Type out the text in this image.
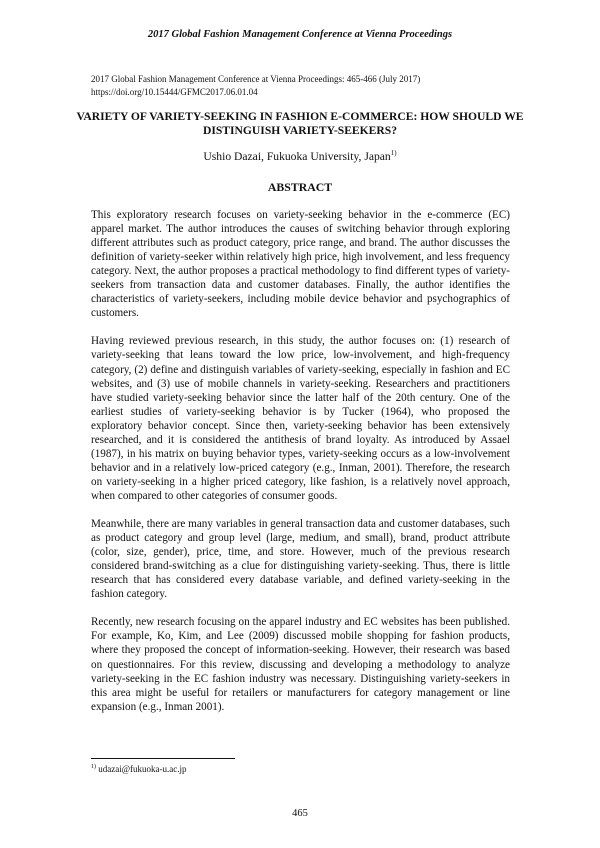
2017 Global Fashion Management Conference at Vienna Proceedings
2017 Global Fashion Management Conference at Vienna Proceedings: 465-466 (July 2017)
https://doi.org/10.15444/GFMC2017.06.01.04
VARIETY OF VARIETY-SEEKING IN FASHION E-COMMERCE: HOW SHOULD WE DISTINGUISH VARIETY-SEEKERS?
Ushio Dazai, Fukuoka University, Japan$^{1)}$
ABSTRACT

This exploratory research focuses on variety-seeking behavior in the e-commerce (EC) apparel market. The author introduces the causes of switching behavior through exploring different attributes such as product category, price range, and brand. The author discusses the definition of variety-seeker within relatively high price, high involvement, and less frequency category. Next, the author proposes a practical methodology to find different types of variety-seekers from transaction data and customer databases. Finally, the author identifies the characteristics of variety-seekers, including mobile device behavior and psychographics of customers.

Having reviewed previous research, in this study, the author focuses on: (1) research of variety-seeking that leans toward the low price, low-involvement, and high-frequency category, (2) define and distinguish variables of variety-seeking, especially in fashion and EC websites, and (3) use of mobile channels in variety-seeking. Researchers and practitioners have studied variety-seeking behavior since the latter half of the 20th century. One of the earliest studies of variety-seeking behavior is by Tucker (1964), who proposed the exploratory behavior concept. Since then, variety-seeking behavior has been extensively researched, and it is considered the antithesis of brand loyalty. As introduced by Assael (1987), in his matrix on buying behavior types, variety-seeking occurs as a low-involvement behavior and in a relatively low-priced category (e.g., Inman, 2001). Therefore, the research on variety-seeking in a higher priced category, like fashion, is a relatively novel approach, when compared to other categories of consumer goods.

Meanwhile, there are many variables in general transaction data and customer databases, such as product category and group level (large, medium, and small), brand, product attribute (color, size, gender), price, time, and store. However, much of the previous research considered brand-switching as a clue for distinguishing variety-seeking. Thus, there is little research that has considered every database variable, and defined variety-seeking in the fashion category.

Recently, new research focusing on the apparel industry and EC websites has been published. For example, Ko, Kim, and Lee (2009) discussed mobile shopping for fashion products, where they proposed the concept of information-seeking. However, their research was based on questionnaires. For this review, discussing and developing a methodology to analyze variety-seeking in the EC fashion industry was necessary. Distinguishing variety-seekers in this area might be useful for retailers or manufacturers for category management or line expansion (e.g., Inman 2001).

$^{1)}$ udazai@fukuoka-u.ac.jp
465
